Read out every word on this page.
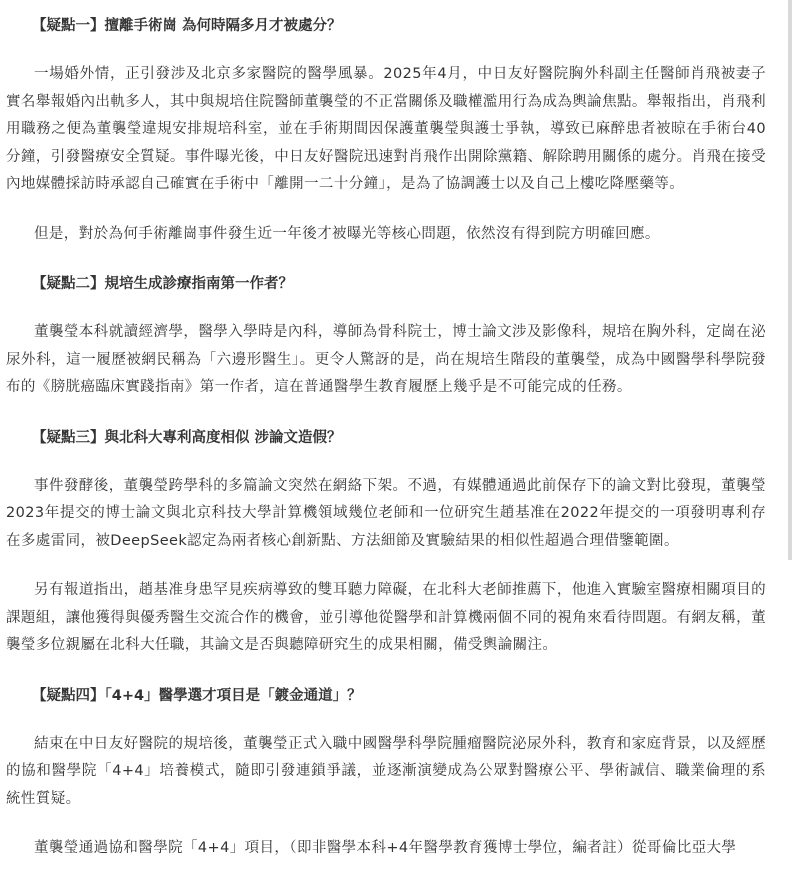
【疑點一】擅離手術崗 為何時隔多月才被處分？

一場婚外情，正引發涉及北京多家醫院的醫學風暴。2025年4月，中日友好醫院胸外科副主任醫師肖飛被妻子實名舉報婚內出軌多人，其中與規培住院醫師董襲瑩的不正當關係及職權濫用行為成為輿論焦點。舉報指出，肖飛利用職務之便為董襲瑩違規安排規培科室，並在手術期間因保護董襲瑩與護士爭執，導致已麻醉患者被晾在手術台40分鐘，引發醫療安全質疑。事件曝光後，中日友好醫院迅速對肖飛作出開除黨籍、解除聘用關係的處分。肖飛在接受內地媒體採訪時承認自己確實在手術中「離開一二十分鐘」，是為了協調護士以及自己上樓吃降壓藥等。

但是，對於為何手術離崗事件發生近一年後才被曝光等核心問題，依然沒有得到院方明確回應。

【疑點二】規培生成診療指南第一作者？

董襲瑩本科就讀經濟學，醫學入學時是內科，導師為骨科院士，博士論文涉及影像科，規培在胸外科，定崗在泌尿外科，這一履歷被網民稱為「六邊形醫生」。更令人驚訝的是，尚在規培生階段的董襲瑩，成為中國醫學科學院發布的《膀胱癌臨床實踐指南》第一作者，這在普通醫學生教育履歷上幾乎是不可能完成的任務。

【疑點三】與北科大專利高度相似 涉論文造假？

事件發酵後，董襲瑩跨學科的多篇論文突然在網絡下架。不過，有媒體通過此前保存下的論文對比發現，董襲瑩2023年提交的博士論文與北京科技大學計算機領域幾位老師和一位研究生趙基准在2022年提交的一項發明專利存在多處雷同，被DeepSeek認定為兩者核心創新點、方法細節及實驗結果的相似性超過合理借鑒範圍。

另有報道指出，趙基准身患罕見疾病導致的雙耳聽力障礙，在北科大老師推薦下，他進入實驗室醫療相關項目的課題組，讓他獲得與優秀醫生交流合作的機會，並引導他從醫學和計算機兩個不同的視角來看待問題。有網友稱，董襲瑩多位親屬在北科大任職，其論文是否與聽障研究生的成果相關，備受輿論關注。

【疑點四】「4+4」醫學選才項目是「鍍金通道」？

結束在中日友好醫院的規培後，董襲瑩正式入職中國醫學科學院腫瘤醫院泌尿外科，教育和家庭背景，以及經歷的協和醫學院「4+4」培養模式，隨即引發連鎖爭議，並逐漸演變成為公眾對醫療公平、學術誠信、職業倫理的系統性質疑。

董襲瑩通過協和醫學院「4+4」項目，（即非醫學本科+4年醫學教育獲博士學位，編者註）從哥倫比亞大學
